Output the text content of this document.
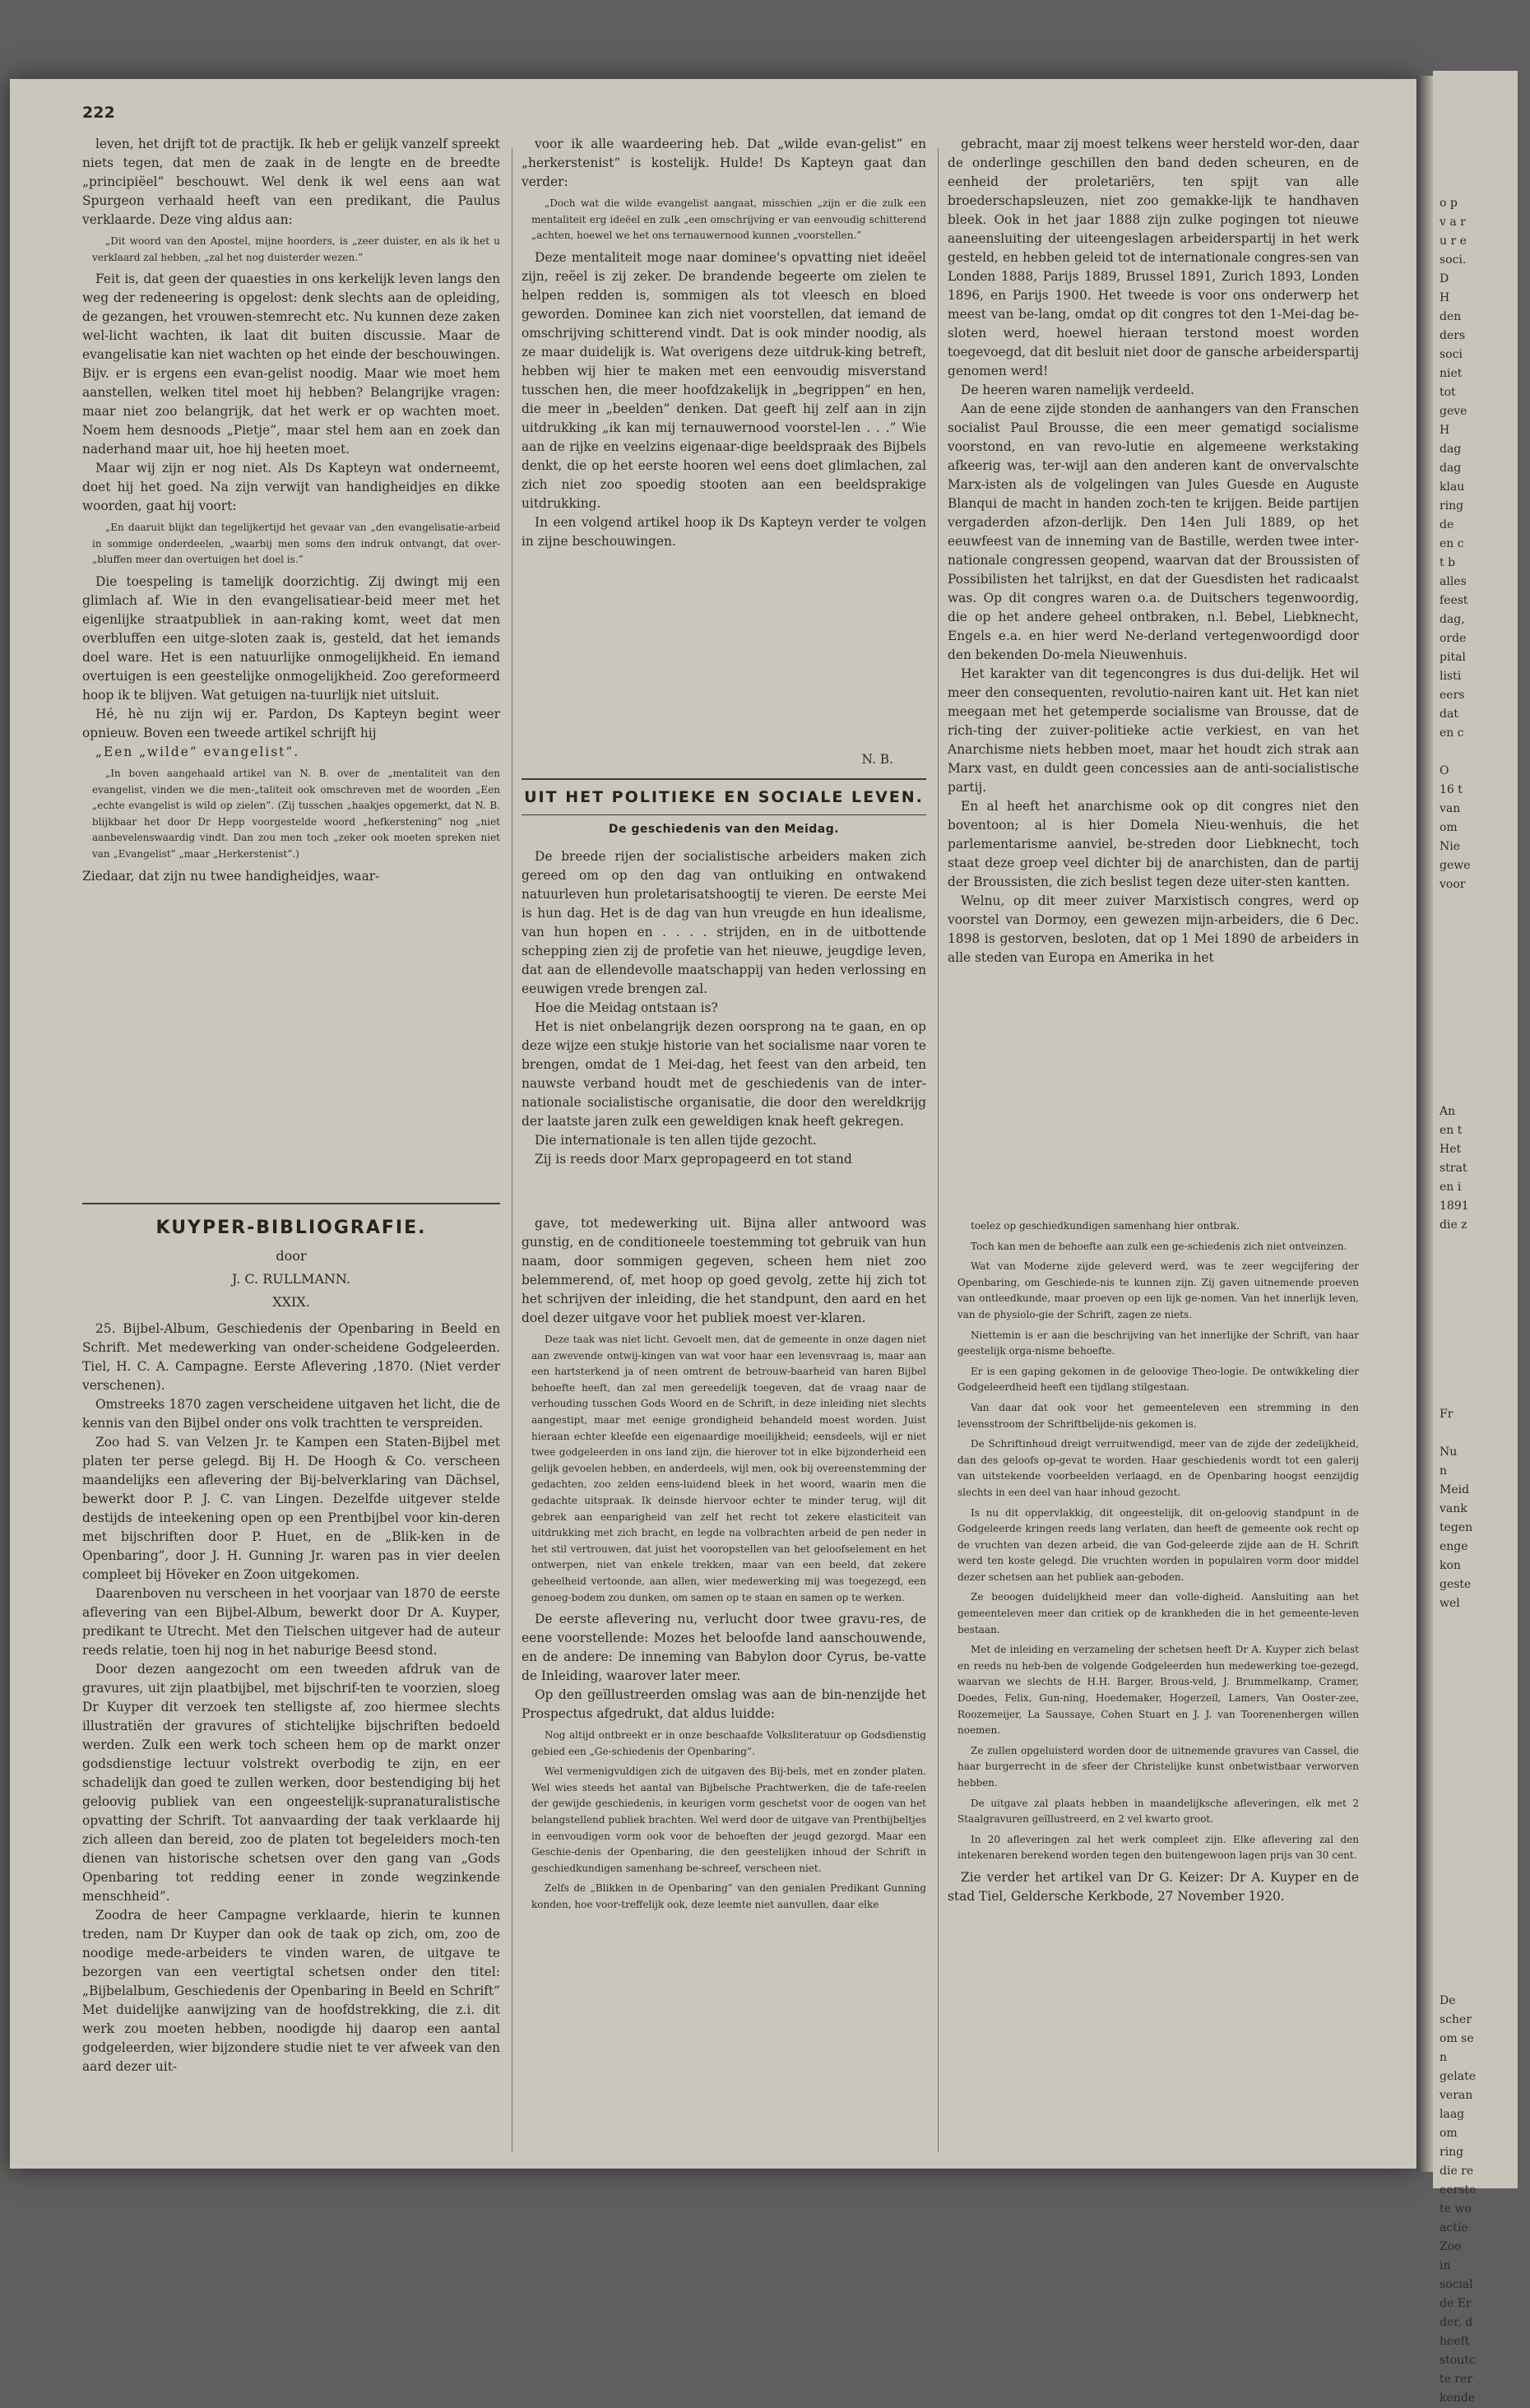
o p
v a r
u r e
soci.
D
H
den
ders
soci
niet
tot
geve
H
dag
dag
klau
ring
de
en c
t b
alles
feest
dag,
orde
pital
listi
eers
dat
en c

O
16 t
van
om
Nie
gewe
voor

An
en t
Het
strat
en i
1891
die z

Fr

Nu
n
Meid
vank
tegen
enge
kon
geste
wel

De
scher
om se
n
gelate
veran
laag
om
ring
die re
eerste
te wo
actie
Zoo
in
social
de Er
der, d
heeft
stoutc
te rer
kende
222

leven, het drijft tot de practijk. Ik heb er gelijk vanzelf spreekt niets tegen, dat men de zaak in de lengte en de breedte „principiëel” beschouwt. Wel denk ik wel eens aan wat Spurgeon verhaald heeft van een predikant, die Paulus verklaarde. Deze ving aldus aan:

„Dit woord van den Apostel, mijne hoorders, is „zeer duister, en als ik het u verklaard zal hebben, „zal het nog duisterder wezen.”

Feit is, dat geen der quaesties in ons kerkelijk leven langs den weg der redeneering is opgelost: denk slechts aan de opleiding, de gezangen, het vrouwen-stemrecht etc. Nu kunnen deze zaken wel-licht wachten, ik laat dit buiten discussie. Maar de evangelisatie kan niet wachten op het einde der beschouwingen. Bijv. er is ergens een evan-gelist noodig. Maar wie moet hem aanstellen, welken titel moet hij hebben? Belangrijke vragen: maar niet zoo belangrijk, dat het werk er op wachten moet. Noem hem desnoods „Pietje”, maar stel hem aan en zoek dan naderhand maar uit, hoe hij heeten moet.

Maar wij zijn er nog niet. Als Ds Kapteyn wat onderneemt, doet hij het goed. Na zijn verwijt van handigheidjes en dikke woorden, gaat hij voort:

„En daaruit blijkt dan tegelijkertijd het gevaar van „den evangelisatie-arbeid in sommige onderdeelen, „waarbij men soms den indruk ontvangt, dat over-„bluffen meer dan overtuigen het doel is.”

Die toespeling is tamelijk doorzichtig. Zij dwingt mij een glimlach af. Wie in den evangelisatiear-beid meer met het eigenlijke straatpubliek in aan-raking komt, weet dat men overbluffen een uitge-sloten zaak is, gesteld, dat het iemands doel ware. Het is een natuurlijke onmogelijkheid. En iemand overtuigen is een geestelijke onmogelijkheid. Zoo gereformeerd hoop ik te blijven. Wat getuigen na-tuurlijk niet uitsluit.

Hé, hè nu zijn wij er. Pardon, Ds Kapteyn begint weer opnieuw. Boven een tweede artikel schrijft hij

„Een „wilde” evangelist”.

„In boven aangehaald artikel van N. B. over de „mentaliteit van den evangelist, vinden we die men-„taliteit ook omschreven met de woorden „Een „echte evangelist is wild op zielen”. (Zij tusschen „haakjes opgemerkt, dat N. B. blijkbaar het door Dr Hepp voorgestelde woord „hefkerstening” nog „niet aanbevelenswaardig vindt. Dan zou men toch „zeker ook moeten spreken niet van „Evangelist” „maar „Herkerstenist”.)

Ziedaar, dat zijn nu twee handigheidjes, waar-

KUYPER-BIBLIOGRAFIE.
door
J. C. RULLMANN.
XXIX.

25. Bijbel-Album, Geschiedenis der Openbaring in Beeld en Schrift. Met medewerking van onder-scheidene Godgeleerden. Tiel, H. C. A. Campagne. Eerste Aflevering ,1870. (Niet verder verschenen).

Omstreeks 1870 zagen verscheidene uitgaven het licht, die de kennis van den Bijbel onder ons volk trachtten te verspreiden.

Zoo had S. van Velzen Jr. te Kampen een Staten-Bijbel met platen ter perse gelegd. Bij H. De Hoogh & Co. verscheen maandelijks een aflevering der Bij-belverklaring van Dächsel, bewerkt door P. J. C. van Lingen. Dezelfde uitgever stelde destijds de inteekening open op een Prentbijbel voor kin-deren met bijschriften door P. Huet, en de „Blik-ken in de Openbaring”, door J. H. Gunning Jr. waren pas in vier deelen compleet bij Höveker en Zoon uitgekomen.

Daarenboven nu verscheen in het voorjaar van 1870 de eerste aflevering van een Bijbel-Album, bewerkt door Dr A. Kuyper, predikant te Utrecht. Met den Tielschen uitgever had de auteur reeds relatie, toen hij nog in het naburige Beesd stond.

Door dezen aangezocht om een tweeden afdruk van de gravures, uit zijn plaatbijbel, met bijschrif-ten te voorzien, sloeg Dr Kuyper dit verzoek ten stelligste af, zoo hiermee slechts illustratiën der gravures of stichtelijke bijschriften bedoeld werden. Zulk een werk toch scheen hem op de markt onzer godsdienstige lectuur volstrekt overbodig te zijn, en eer schadelijk dan goed te zullen werken, door bestendiging bij het geloovig publiek van een ongeestelijk-supranaturalistische opvatting der Schrift. Tot aanvaarding der taak verklaarde hij zich alleen dan bereid, zoo de platen tot begeleiders moch-ten dienen van historische schetsen over den gang van „Gods Openbaring tot redding eener in zonde wegzinkende menschheid”.

Zoodra de heer Campagne verklaarde, hierin te kunnen treden, nam Dr Kuyper dan ook de taak op zich, om, zoo de noodige mede-arbeiders te vinden waren, de uitgave te bezorgen van een veertigtal schetsen onder den titel: „Bijbelalbum, Geschiedenis der Openbaring in Beeld en Schrift” Met duidelijke aanwijzing van de hoofdstrekking, die z.i. dit werk zou moeten hebben, noodigde hij daarop een aantal godgeleerden, wier bijzondere studie niet te ver afweek van den aard dezer uit-

voor ik alle waardeering heb. Dat „wilde evan-gelist” en „herkerstenist” is kostelijk. Hulde! Ds Kapteyn gaat dan verder:

„Doch wat die wilde evangelist aangaat, misschien „zijn er die zulk een mentaliteit erg ideëel en zulk „een omschrijving er van eenvoudig schitterend „achten, hoewel we het ons ternauwernood kunnen „voorstellen.”

Deze mentaliteit moge naar dominee's opvatting niet ideëel zijn, reëel is zij zeker. De brandende begeerte om zielen te helpen redden is, sommigen als tot vleesch en bloed geworden. Dominee kan zich niet voorstellen, dat iemand de omschrijving schitterend vindt. Dat is ook minder noodig, als ze maar duidelijk is. Wat overigens deze uitdruk-king betreft, hebben wij hier te maken met een eenvoudig misverstand tusschen hen, die meer hoofdzakelijk in „begrippen” en hen, die meer in „beelden” denken. Dat geeft hij zelf aan in zijn uitdrukking „ik kan mij ternauwernood voorstel-len . . .” Wie aan de rijke en veelzins eigenaar-dige beeldspraak des Bijbels denkt, die op het eerste hooren wel eens doet glimlachen, zal zich niet zoo spoedig stooten aan een beeldsprakige uitdrukking.

In een volgend artikel hoop ik Ds Kapteyn verder te volgen in zijne beschouwingen.

N. B.

UIT HET POLITIEKE EN SOCIALE LEVEN.
De geschiedenis van den Meidag.

De breede rijen der socialistische arbeiders maken zich gereed om op den dag van ontluiking en ontwakend natuurleven hun proletarisatshoogtij te vieren. De eerste Mei is hun dag. Het is de dag van hun vreugde en hun idealisme, van hun hopen en . . . . strijden, en in de uitbottende schepping zien zij de profetie van het nieuwe, jeugdige leven, dat aan de ellendevolle maatschappij van heden verlossing en eeuwigen vrede brengen zal.

Hoe die Meidag ontstaan is?

Het is niet onbelangrijk dezen oorsprong na te gaan, en op deze wijze een stukje historie van het socialisme naar voren te brengen, omdat de 1 Mei-dag, het feest van den arbeid, ten nauwste verband houdt met de geschiedenis van de inter-nationale socialistische organisatie, die door den wereldkrijg der laatste jaren zulk een geweldigen knak heeft gekregen.

Die internationale is ten allen tijde gezocht.

Zij is reeds door Marx gepropageerd en tot stand

gave, tot medewerking uit. Bijna aller antwoord was gunstig, en de conditioneele toestemming tot gebruik van hun naam, door sommigen gegeven, scheen hem niet zoo belemmerend, of, met hoop op goed gevolg, zette hij zich tot het schrijven der inleiding, die het standpunt, den aard en het doel dezer uitgave voor het publiek moest ver-klaren.

Deze taak was niet licht. Gevoelt men, dat de gemeente in onze dagen niet aan zwevende ontwij-kingen van wat voor haar een levensvraag is, maar aan een hartsterkend ja of neen omtrent de betrouw-baarheid van haren Bijbel behoefte heeft, dan zal men gereedelijk toegeven, dat de vraag naar de verhouding tusschen Gods Woord en de Schrift, in deze inleiding niet slechts aangestipt, maar met eenige grondigheid behandeld moest worden. Juist hieraan echter kleefde een eigenaardige moeilijkheid; eensdeels, wijl er niet twee godgeleerden in ons land zijn, die hierover tot in elke bijzonderheid een gelijk gevoelen hebben, en anderdeels, wijl men, ook bij overeenstemming der gedachten, zoo zelden eens-luidend bleek in het woord, waarin men die gedachte uitspraak. Ik deinsde hiervoor echter te minder terug, wijl dit gebrek aan eenparigheid van zelf het recht tot zekere elasticiteit van uitdrukking met zich bracht, en legde na volbrachten arbeid de pen neder in het stil vertrouwen, dat juist het vooropstellen van het geloofselement en het ontwerpen, niet van enkele trekken, maar van een beeld, dat zekere geheelheid vertoonde, aan allen, wier medewerking mij was toegezegd, een genoeg-bodem zou dunken, om samen op te staan en samen op te werken.

De eerste aflevering nu, verlucht door twee gravu-res, de eene voorstellende: Mozes het beloofde land aanschouwende, en de andere: De inneming van Babylon door Cyrus, be-vatte de Inleiding, waarover later meer.

Op den geïllustreerden omslag was aan de bin-nenzijde het Prospectus afgedrukt, dat aldus luidde:

Nog altijd ontbreekt er in onze beschaafde Volksliteratuur op Godsdienstig gebied een „Ge-schiedenis der Openbaring”.

Wel vermenigvuldigen zich de uitgaven des Bij-bels, met en zonder platen. Wel wies steeds het aantal van Bijbelsche Prachtwerken, die de tafe-reelen der gewijde geschiedenis, in keurigen vorm geschetst voor de oogen van het belangstellend publiek brachten. Wel werd door de uitgave van Prentbijbeltjes in eenvoudigen vorm ook voor de behoeften der jeugd gezorgd. Maar een Geschie-denis der Openbaring, die den geestelijken inhoud der Schrift in geschiedkundigen samenhang be-schreef, verscheen niet.

Zelfs de „Blikken in de Openbaring” van den genialen Predikant Gunning konden, hoe voor-treffelijk ook, deze leemte niet aanvullen, daar elke

gebracht, maar zij moest telkens weer hersteld wor-den, daar de onderlinge geschillen den band deden scheuren, en de eenheid der proletariërs, ten spijt van alle broederschapsleuzen, niet zoo gemakke-lijk te handhaven bleek. Ook in het jaar 1888 zijn zulke pogingen tot nieuwe aaneensluiting der uiteengeslagen arbeiderspartij in het werk gesteld, en hebben geleid tot de internationale congres-sen van Londen 1888, Parijs 1889, Brussel 1891, Zurich 1893, Londen 1896, en Parijs 1900. Het tweede is voor ons onderwerp het meest van be-lang, omdat op dit congres tot den 1-Mei-dag be-sloten werd, hoewel hieraan terstond moest worden toegevoegd, dat dit besluit niet door de gansche arbeiderspartij genomen werd!

De heeren waren namelijk verdeeld.

Aan de eene zijde stonden de aanhangers van den Franschen socialist Paul Brousse, die een meer gematigd socialisme voorstond, en van revo-lutie en algemeene werkstaking afkeerig was, ter-wijl aan den anderen kant de onvervalschte Marx-isten als de volgelingen van Jules Guesde en Auguste Blanqui de macht in handen zoch-ten te krijgen. Beide partijen vergaderden afzon-derlijk. Den 14en Juli 1889, op het eeuwfeest van de inneming van de Bastille, werden twee inter-nationale congressen geopend, waarvan dat der Broussisten of Possibilisten het talrijkst, en dat der Guesdisten het radicaalst was. Op dit congres waren o.a. de Duitschers tegenwoordig, die op het andere geheel ontbraken, n.l. Bebel, Liebknecht, Engels e.a. en hier werd Ne-derland vertegenwoordigd door den bekenden Do-mela Nieuwenhuis.

Het karakter van dit tegencongres is dus dui-delijk. Het wil meer den consequenten, revolutio-nairen kant uit. Het kan niet meegaan met het getemperde socialisme van Brousse, dat de rich-ting der zuiver-politieke actie verkiest, en van het Anarchisme niets hebben moet, maar het houdt zich strak aan Marx vast, en duldt geen concessies aan de anti-socialistische partij.

En al heeft het anarchisme ook op dit congres niet den boventoon; al is hier Domela Nieu-wenhuis, die het parlementarisme aanviel, be-streden door Liebknecht, toch staat deze groep veel dichter bij de anarchisten, dan de partij der Broussisten, die zich beslist tegen deze uiter-sten kantten.

Welnu, op dit meer zuiver Marxistisch congres, werd op voorstel van Dormoy, een gewezen mijn-arbeiders, die 6 Dec. 1898 is gestorven, besloten, dat op 1 Mei 1890 de arbeiders in alle steden van Europa en Amerika in het

toelez op geschiedkundigen samenhang hier ontbrak.

Toch kan men de behoefte aan zulk een ge-schiedenis zich niet ontveinzen.

Wat van Moderne zijde geleverd werd, was te zeer wegcijfering der Openbaring, om Geschiede-nis te kunnen zijn. Zij gaven uitnemende proeven van ontleedkunde, maar proeven op een lijk ge-nomen. Van het innerlijk leven, van de physiolo-gie der Schrift, zagen ze niets.

Niettemin is er aan die beschrijving van het innerlijke der Schrift, van haar geestelijk orga-nisme behoefte.

Er is een gaping gekomen in de geloovige Theo-logie. De ontwikkeling dier Godgeleerdheid heeft een tijdlang stilgestaan.

Van daar dat ook voor het gemeenteleven een stremming in den levensstroom der Schriftbelijde-nis gekomen is.

De Schriftinhoud dreigt verruitwendigd, meer van de zijde der zedelijkheid, dan des geloofs op-gevat te worden. Haar geschiedenis wordt tot een galerij van uitstekende voorbeelden verlaagd, en de Openbaring hoogst eenzijdig slechts in een deel van haar inhoud gezocht.

Is nu dit oppervlakkig, dit ongeestelijk, dit on-geloovig standpunt in de Godgeleerde kringen reeds lang verlaten, dan heeft de gemeente ook recht op de vruchten van dezen arbeid, die van God-geleerde zijde aan de H. Schrift werd ten koste gelegd. Die vruchten worden in populairen vorm door middel dezer schetsen aan het publiek aan-geboden.

Ze beoogen duidelijkheid meer dan volle-digheid. Aansluiting aan het gemeenteleven meer dan critiek op de krankheden die in het gemeente-leven bestaan.

Met de inleiding en verzameling der schetsen heeft Dr A. Kuyper zich belast en reeds nu heb-ben de volgende Godgeleerden hun medewerking toe-gezegd, waarvan we slechts de H.H. Barger, Brous-veld, J. Brummelkamp, Cramer, Doedes, Felix, Gun-ning, Hoedemaker, Hogerzeil, Lamers, Van Ooster-zee, Roozemeijer, La Saussaye, Cohen Stuart en J. J. van Toorenenbergen willen noemen.

Ze zullen opgeluisterd worden door de uitnemende gravures van Cassel, die haar burgerrecht in de sfeer der Christelijke kunst onbetwistbaar verworven hebben.

De uitgave zal plaats hebben in maandelijksche afleveringen, elk met 2 Staalgravuren geïllustreerd, en 2 vel kwarto groot.

In 20 afleveringen zal het werk compleet zijn. Elke aflevering zal den intekenaren berekend worden tegen den buitengewoon lagen prijs van 30 cent.

Zie verder het artikel van Dr G. Keizer: Dr A. Kuyper en de stad Tiel, Geldersche Kerkbode, 27 November 1920.
